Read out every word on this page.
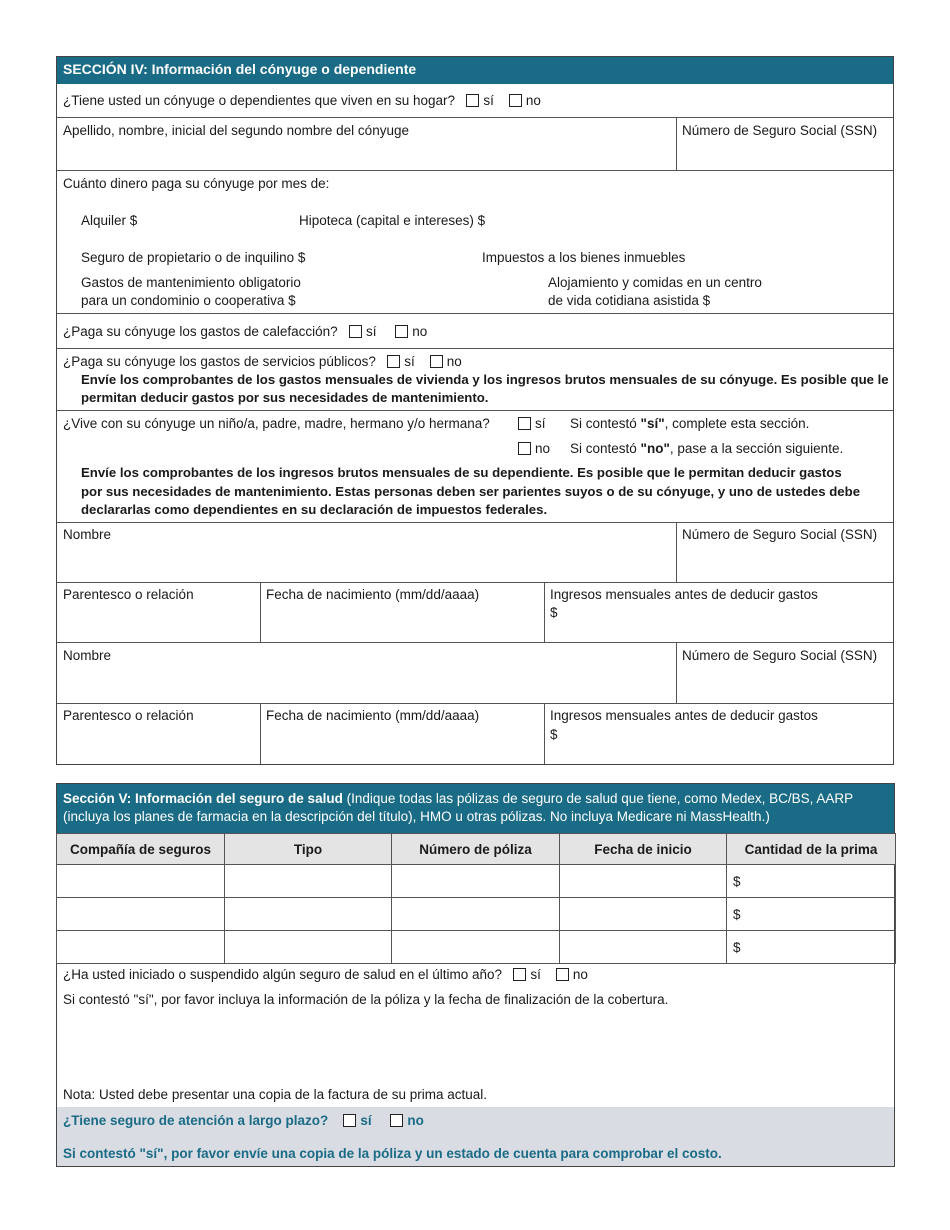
SECCIÓN IV: Información del cónyuge o dependiente
¿Tiene usted un cónyuge o dependientes que viven en su hogar? sí no
Apellido, nombre, inicial del segundo nombre del cónyuge	Número de Seguro Social (SSN)
Cuánto dinero paga su cónyuge por mes de:
Alquiler $	Hipoteca (capital e intereses) $
Seguro de propietario o de inquilino $	Impuestos a los bienes inmuebles
Gastos de mantenimiento obligatorio
para un condominio o cooperativa $
Alojamiento y comidas en un centro
de vida cotidiana asistida $
¿Paga su cónyuge los gastos de calefacción? sí	no
¿Paga su cónyuge los gastos de servicios públicos? sí no
Envíe los comprobantes de los gastos mensuales de vivienda y los ingresos brutos mensuales de su cónyuge. Es posible que le
permitan deducir gastos por sus necesidades de mantenimiento.
¿Vive con su cónyuge un niño/a, padre, madre, hermano y/o hermana?	sí Si contestó "sí", complete esta sección.
no Si contestó "no", pase a la sección siguiente.
Envíe los comprobantes de los ingresos brutos mensuales de su dependiente. Es posible que le permitan deducir gastos
por sus necesidades de mantenimiento. Estas personas deben ser parientes suyos o de su cónyuge, y uno de ustedes debe
declararlas como dependientes en su declaración de impuestos federales.
Nombre	Número de Seguro Social (SSN)
Parentesco o relación	Fecha de nacimiento (mm/dd/aaaa)	Ingresos mensuales antes de deducir gastos
$
Nombre	Número de Seguro Social (SSN)
Parentesco o relación	Fecha de nacimiento (mm/dd/aaaa)	Ingresos mensuales antes de deducir gastos
$
Sección V: Información del seguro de salud (Indique todas las pólizas de seguro de salud que tiene, como Medex, BC/BS, AARP
(incluya los planes de farmacia en la descripción del título), HMO u otras pólizas. No incluya Medicare ni MassHealth.)
Compañía de seguros	Tipo	Número de póliza	Fecha de inicio	Cantidad de la prima
				$
				$
				$
¿Ha usted iniciado o suspendido algún seguro de salud en el último año? sí no
Si contestó "sí", por favor incluya la información de la póliza y la fecha de finalización de la cobertura.
Nota: Usted debe presentar una copia de la factura de su prima actual.
¿Tiene seguro de atención a largo plazo? sí	no
Si contestó "sí", por favor envíe una copia de la póliza y un estado de cuenta para comprobar el costo.
